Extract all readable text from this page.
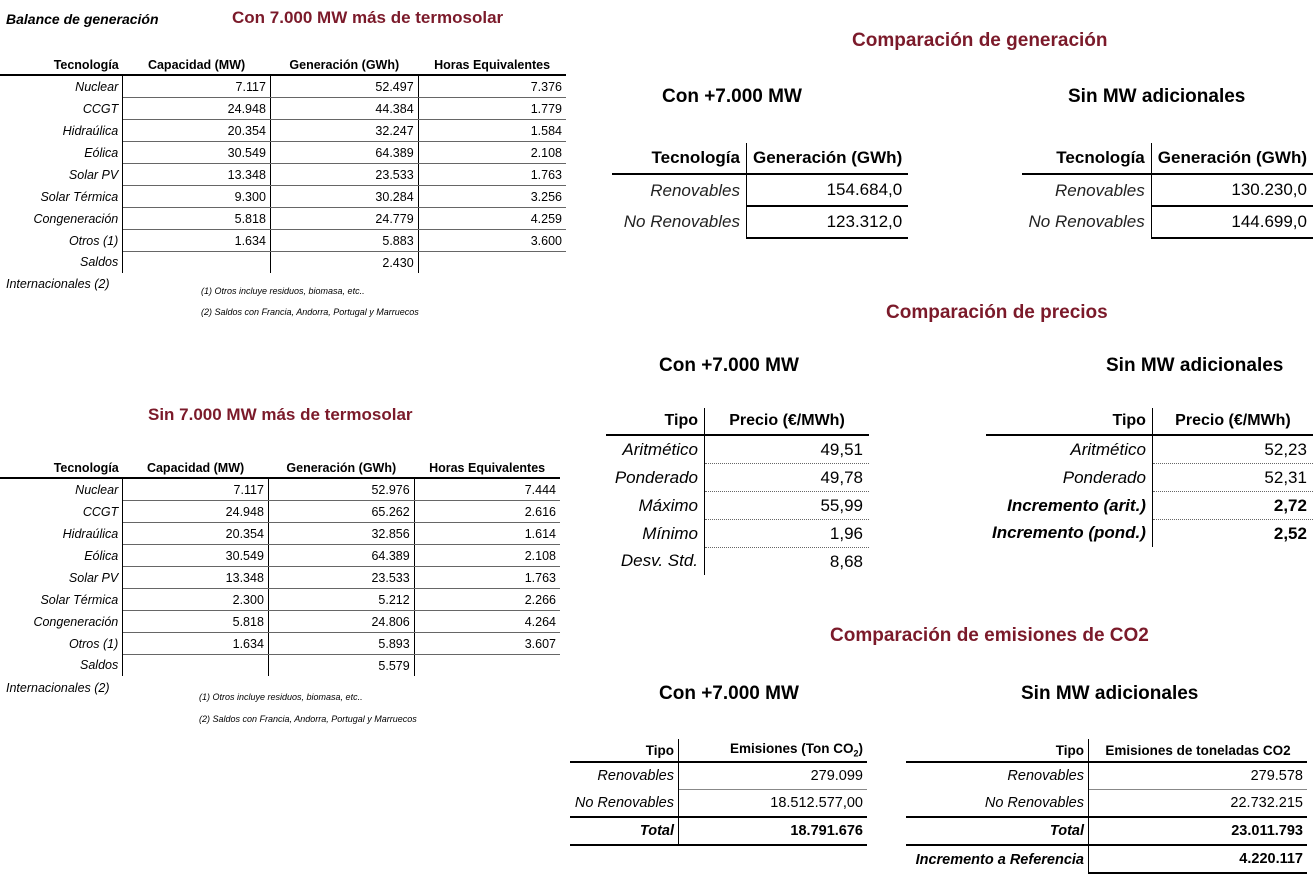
Balance de generación	Con 7.000 MW más de termosolar
Tecnología	Capacidad (MW)	Generación (GWh)	Horas Equivalentes
Nuclear	7.117	52.497	7.376
CCGT	24.948	44.384	1.779
Hidraúlica	20.354	32.247	1.584
Eólica	30.549	64.389	2.108
Solar PV	13.348	23.533	1.763
Solar Térmica	9.300	30.284	3.256
Congeneración	5.818	24.779	4.259
Otros (1)	1.634	5.883	3.600
Saldos		2.430	
Internacionales (2)	(1) Otros incluye residuos, biomasa, etc..
(2) Saldos con Francia, Andorra, Portugal y Marruecos
Sin 7.000 MW más de termosolar
Tecnología	Capacidad (MW)	Generación (GWh)	Horas Equivalentes
Nuclear	7.117	52.976	7.444
CCGT	24.948	65.262	2.616
Hidraúlica	20.354	32.856	1.614
Eólica	30.549	64.389	2.108
Solar PV	13.348	23.533	1.763
Solar Térmica	2.300	5.212	2.266
Congeneración	5.818	24.806	4.264
Otros (1)	1.634	5.893	3.607
Saldos		5.579	
Internacionales (2)
(1) Otros incluye residuos, biomasa, etc..
(2) Saldos con Francia, Andorra, Portugal y Marruecos
Comparación de generación
Con +7.000 MW	Sin MW adicionales
Tecnología	Generación (GWh)
Renovables	154.684,0
No Renovables	123.312,0
Tecnología	Generación (GWh)
Renovables	130.230,0
No Renovables	144.699,0
Comparación de precios
Con +7.000 MW	Sin MW adicionales
Tipo	Precio (€/MWh)
Aritmético	49,51
Ponderado	49,78
Máximo	55,99
Mínimo	1,96
Desv. Std.	8,68
Tipo	Precio (€/MWh)
Aritmético	52,23
Ponderado	52,31
Incremento (arit.)	2,72
Incremento (pond.)	2,52
Comparación de emisiones de CO2
Con +7.000 MW	Sin MW adicionales
Tipo	Emisiones (Ton $CO_2$)
Renovables	279.099
No Renovables	18.512.577,00
Total	18.791.676
Tipo	Emisiones de toneladas CO2
Renovables	279.578
No Renovables	22.732.215
Total	23.011.793
Incremento a Referencia	4.220.117
